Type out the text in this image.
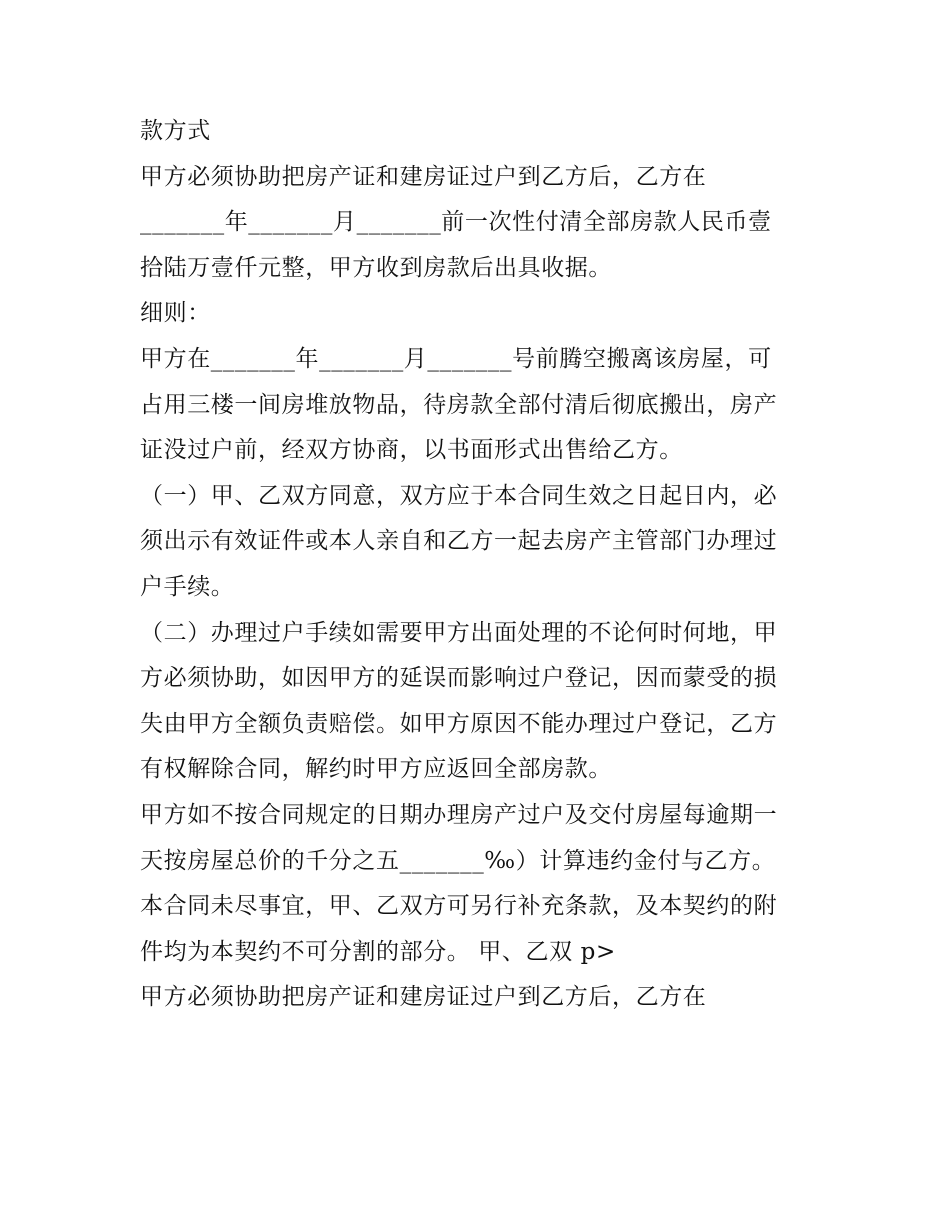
款方式
甲方必须协助把房产证和建房证过户到乙方后，乙方在
_______年_______月_______前一次性付清全部房款人民币壹
拾陆万壹仟元整，甲方收到房款后出具收据。
细则：
甲方在_______年_______月_______号前腾空搬离该房屋，可
占用三楼一间房堆放物品，待房款全部付清后彻底搬出，房产
证没过户前，经双方协商，以书面形式出售给乙方。
（一）甲、乙双方同意，双方应于本合同生效之日起日内，必
须出示有效证件或本人亲自和乙方一起去房产主管部门办理过
户手续。
（二）办理过户手续如需要甲方出面处理的不论何时何地，甲
方必须协助，如因甲方的延误而影响过户登记，因而蒙受的损
失由甲方全额负责赔偿。如甲方原因不能办理过户登记，乙方
有权解除合同，解约时甲方应返回全部房款。
甲方如不按合同规定的日期办理房产过户及交付房屋每逾期一
天按房屋总价的千分之五_______‰）计算违约金付与乙方。
本合同未尽事宜，甲、乙双方可另行补充条款，及本契约的附
件均为本契约不可分割的部分。 甲、乙双 p>
甲方必须协助把房产证和建房证过户到乙方后，乙方在
